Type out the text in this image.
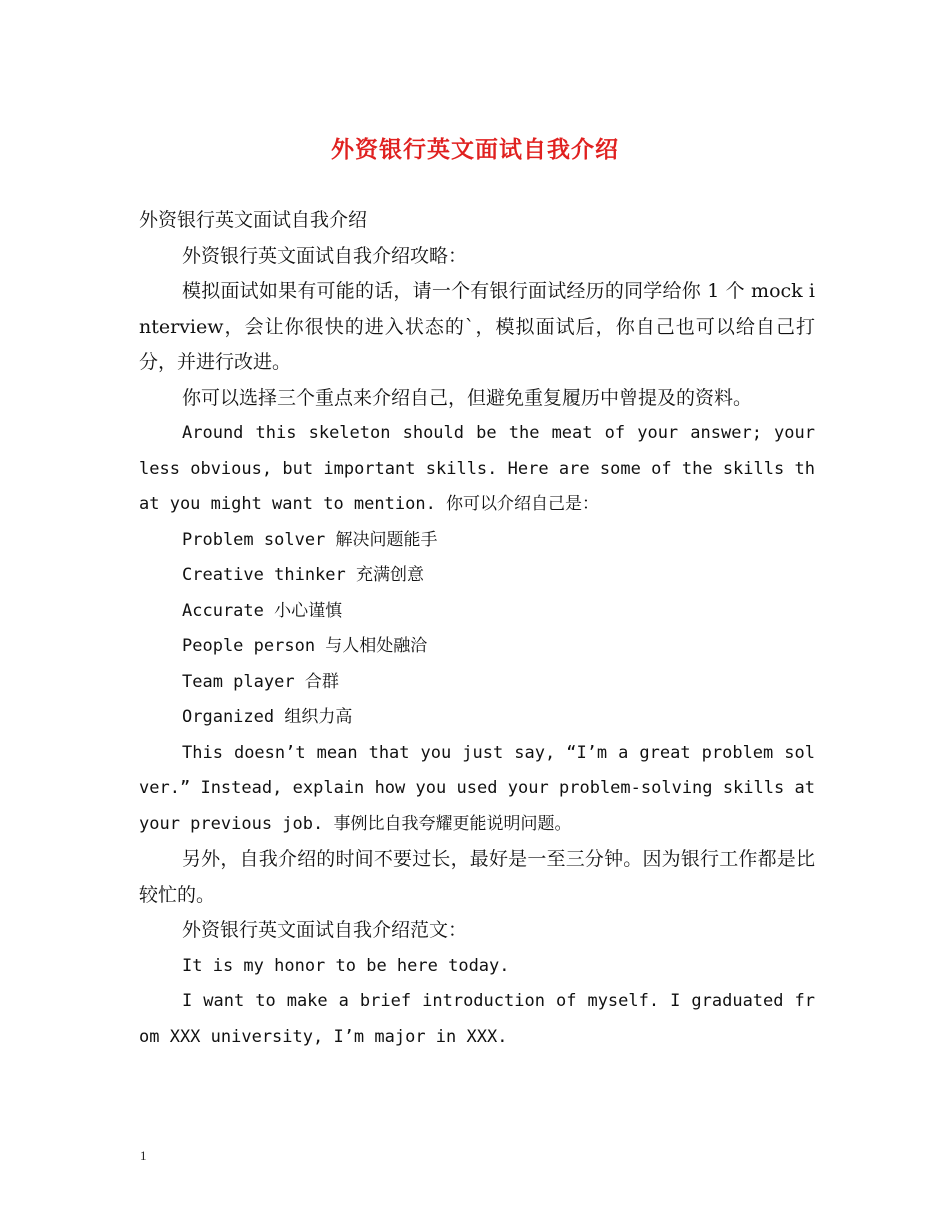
外资银行英文面试自我介绍

外资银行英文面试自我介绍

外资银行英文面试自我介绍攻略：

模拟面试如果有可能的话，请一个有银行面试经历的同学给你 1 个 mock interview，会让你很快的进入状态的`，模拟面试后，你自己也可以给自己打分，并进行改进。

你可以选择三个重点来介绍自己，但避免重复履历中曾提及的资料。

Around this skeleton should be the meat of your answer; your less obvious, but important skills. Here are some of the skills that you might want to mention. 你可以介绍自己是：

Problem solver 解决问题能手

Creative thinker 充满创意

Accurate 小心谨慎

People person 与人相处融洽

Team player 合群

Organized 组织力高

This doesn’t mean that you just say, “I’m a great problem solver.” Instead, explain how you used your problem-solving skills at your previous job. 事例比自我夸耀更能说明问题。

另外，自我介绍的时间不要过长，最好是一至三分钟。因为银行工作都是比较忙的。

外资银行英文面试自我介绍范文：

It is my honor to be here today.

I want to make a brief introduction of myself. I graduated from XXX university, I’m major in XXX.

1
